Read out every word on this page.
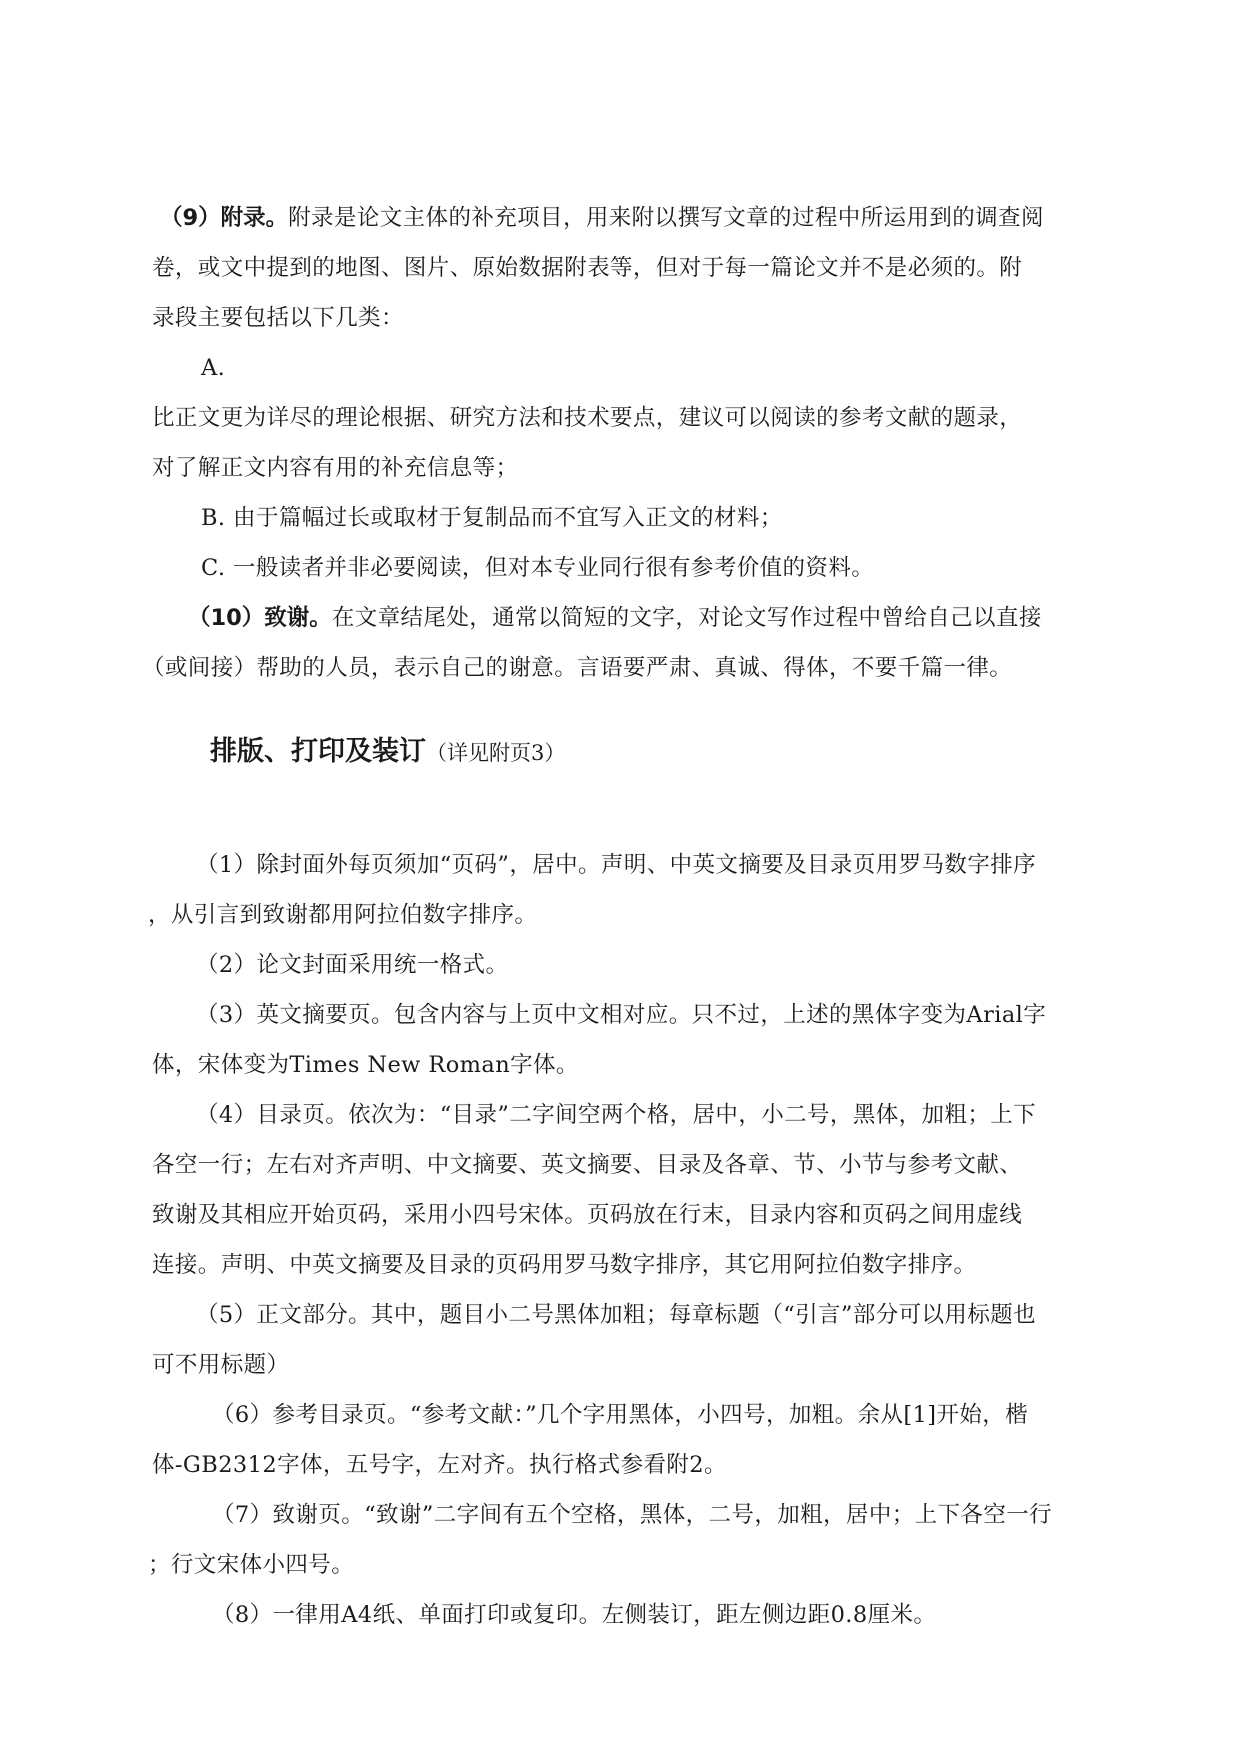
（9）附录。附录是论文主体的补充项目，用来附以撰写文章的过程中所运用到的调查阅
卷，或文中提到的地图、图片、原始数据附表等，但对于每一篇论文并不是必须的。附
录段主要包括以下几类：
A.
比正文更为详尽的理论根据、研究方法和技术要点，建议可以阅读的参考文献的题录，
对了解正文内容有用的补充信息等；
B. 由于篇幅过长或取材于复制品而不宜写入正文的材料；
C. 一般读者并非必要阅读，但对本专业同行很有参考价值的资料。
（10）致谢。在文章结尾处，通常以简短的文字，对论文写作过程中曾给自己以直接
（或间接）帮助的人员，表示自己的谢意。言语要严肃、真诚、得体，不要千篇一律。
排版、打印及装订（详见附页3）
（1）除封面外每页须加“页码”，居中。声明、中英文摘要及目录页用罗马数字排序
，从引言到致谢都用阿拉伯数字排序。
（2）论文封面采用统一格式。
（3）英文摘要页。包含内容与上页中文相对应。只不过，上述的黑体字变为Arial字
体，宋体变为Times New Roman字体。
（4）目录页。依次为：“目录”二字间空两个格，居中，小二号，黑体，加粗；上下
各空一行；左右对齐声明、中文摘要、英文摘要、目录及各章、节、小节与参考文献、
致谢及其相应开始页码，采用小四号宋体。页码放在行末，目录内容和页码之间用虚线
连接。声明、中英文摘要及目录的页码用罗马数字排序，其它用阿拉伯数字排序。
（5）正文部分。其中，题目小二号黑体加粗；每章标题（“引言”部分可以用标题也
可不用标题）
（6）参考目录页。“参考文献：”几个字用黑体，小四号，加粗。余从[1]开始，楷
体-GB2312字体，五号字，左对齐。执行格式参看附2。
（7）致谢页。“致谢”二字间有五个空格，黑体，二号，加粗，居中；上下各空一行
；行文宋体小四号。
（8）一律用A4纸、单面打印或复印。左侧装订，距左侧边距0.8厘米。
